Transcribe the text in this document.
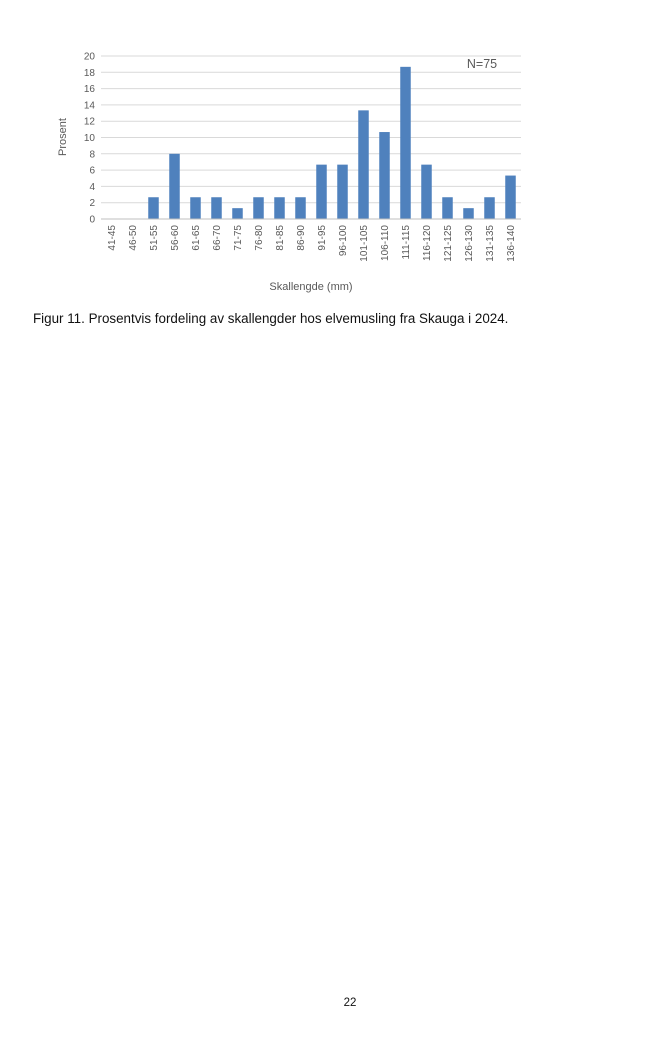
0
2
4
6
8
10
12
14
16
18
20
41-45 46-50 51-55 56-60 61-65 66-70 71-75 76-80 81-85 86-90 91-95 96-100 101-105 106-110 111-115 116-120 121-125 126-130 131-135 136-140
Prosent
Skallengde (mm)
N=75

Figur 11. Prosentvis fordeling av skallengder hos elvemusling fra Skauga i 2024.

22
